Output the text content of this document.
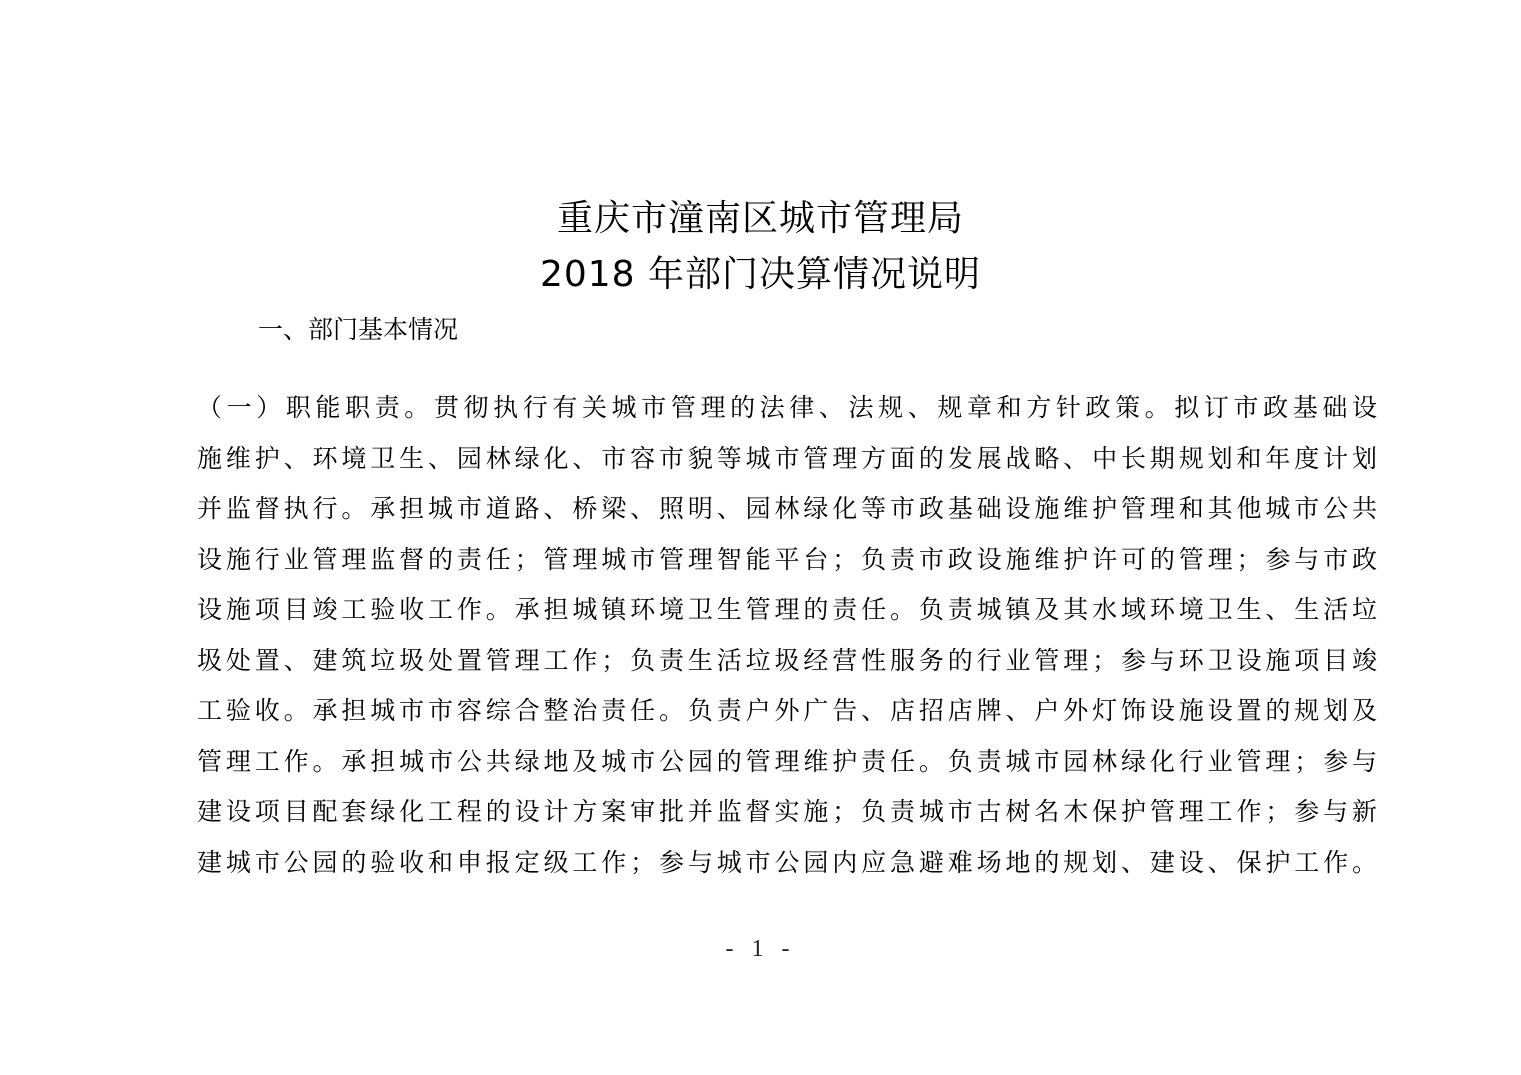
重庆市潼南区城市管理局
2018 年部门决算情况说明
一、部门基本情况
（一）职能职责。贯彻执行有关城市管理的法律、法规、规章和方针政策。拟订市政基础设
施维护、环境卫生、园林绿化、市容市貌等城市管理方面的发展战略、中长期规划和年度计划
并监督执行。承担城市道路、桥梁、照明、园林绿化等市政基础设施维护管理和其他城市公共
设施行业管理监督的责任；管理城市管理智能平台；负责市政设施维护许可的管理；参与市政
设施项目竣工验收工作。承担城镇环境卫生管理的责任。负责城镇及其水域环境卫生、生活垃
圾处置、建筑垃圾处置管理工作；负责生活垃圾经营性服务的行业管理；参与环卫设施项目竣
工验收。承担城市市容综合整治责任。负责户外广告、店招店牌、户外灯饰设施设置的规划及
管理工作。承担城市公共绿地及城市公园的管理维护责任。负责城市园林绿化行业管理；参与
建设项目配套绿化工程的设计方案审批并监督实施；负责城市古树名木保护管理工作；参与新
建城市公园的验收和申报定级工作；参与城市公园内应急避难场地的规划、建设、保护工作。
- 1 -
